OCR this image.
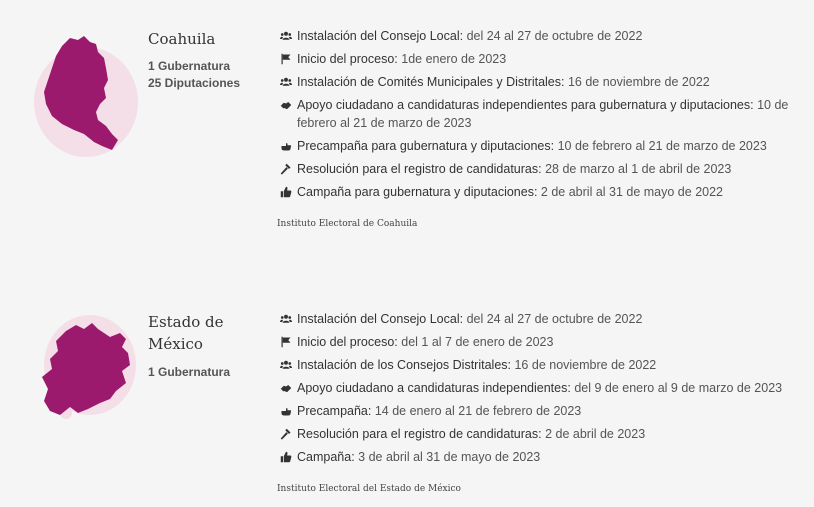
Coahuila
1 Gubernatura
25 Diputaciones
Instalación del Consejo Local: del 24 al 27 de octubre de 2022
Inicio del proceso: 1de enero de 2023
Instalación de Comités Municipales y Distritales: 16 de noviembre de 2022
Apoyo ciudadano a candidaturas independientes para gubernatura y diputaciones: 10 de febrero al 21 de marzo de 2023
Precampaña para gubernatura y diputaciones: 10 de febrero al 21 de marzo de 2023
Resolución para el registro de candidaturas: 28 de marzo al 1 de abril de 2023
Campaña para gubernatura y diputaciones: 2 de abril al 31 de mayo de 2022
Instituto Electoral de Coahuila
Estado de México
1 Gubernatura
Instalación del Consejo Local: del 24 al 27 de octubre de 2022
Inicio del proceso: del 1 al 7 de enero de 2023
Instalación de los Consejos Distritales: 16 de noviembre de 2022
Apoyo ciudadano a candidaturas independientes: del 9 de enero al 9 de marzo de 2023
Precampaña: 14 de enero al 21 de febrero de 2023
Resolución para el registro de candidaturas: 2 de abril de 2023
Campaña: 3 de abril al 31 de mayo de 2023
Instituto Electoral del Estado de México
